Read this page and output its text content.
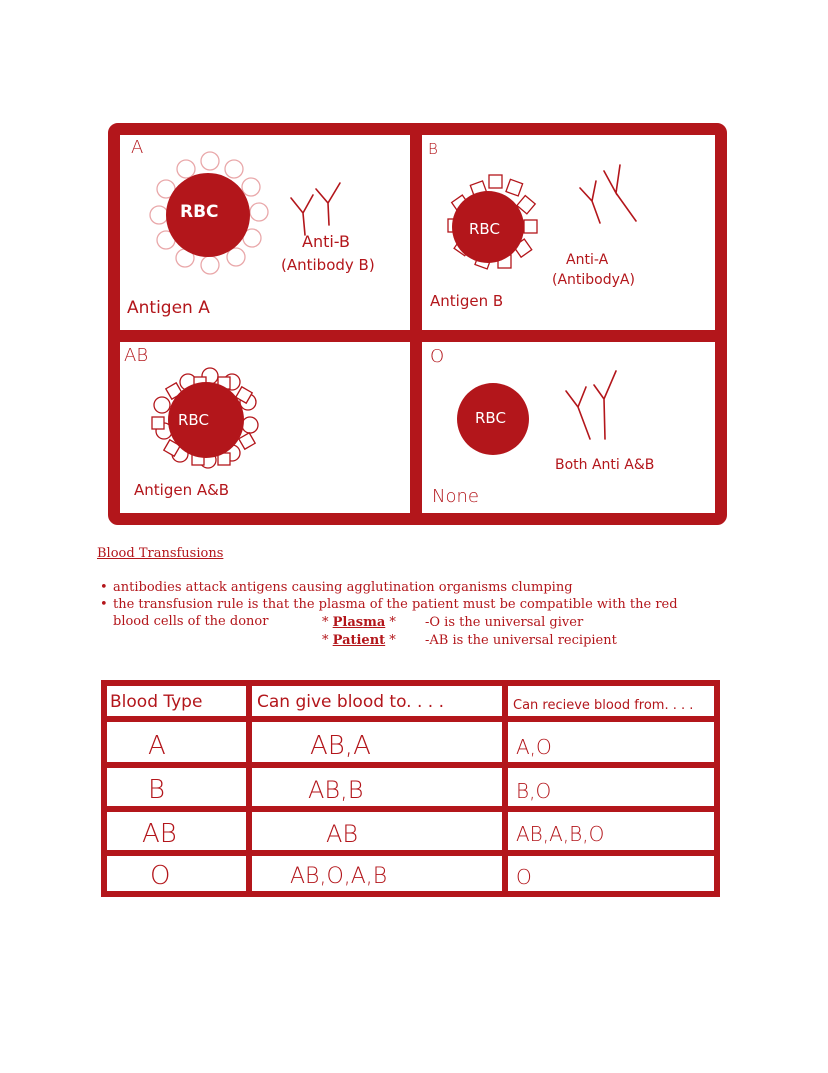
A
RBC
Anti-B
(Antibody B)
Antigen A
B
RBC
Anti-A
(AntibodyA)
Antigen B
AB
RBC
Antigen A&B
O
RBC
Both Anti A&B
None
Blood Transfusions
• antibodies attack antigens causing agglutination organisms clumping
• the transfusion rule is that the plasma of the patient must be compatible with the red blood cells of the donor	* Plasma * -O is the universal giver
* Patient * -AB is the universal recipient
Blood Type	Can give blood to. . . .	Can recieve blood from. . . .
A	AB,A	A,O
B	AB,B	B,O
AB	AB	AB,A,B,O
O	AB,O,A,B	O
